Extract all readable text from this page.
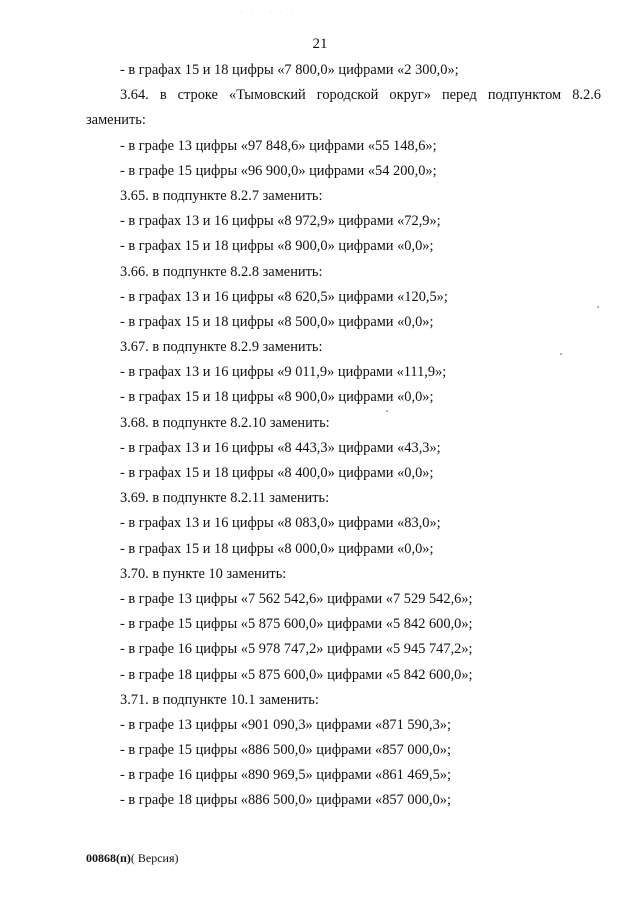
· · · · · · · ·
21
- в графах 15 и 18 цифры «7 800,0» цифрами «2 300,0»;
3.64. в строке «Тымовский городской округ» перед подпунктом 8.2.6
заменить:
- в графе 13 цифры «97 848,6» цифрами «55 148,6»;
- в графе 15 цифры «96 900,0» цифрами «54 200,0»;
3.65. в подпункте 8.2.7 заменить:
- в графах 13 и 16 цифры «8 972,9» цифрами «72,9»;
- в графах 15 и 18 цифры «8 900,0» цифрами «0,0»;
3.66. в подпункте 8.2.8 заменить:
- в графах 13 и 16 цифры «8 620,5» цифрами «120,5»;
- в графах 15 и 18 цифры «8 500,0» цифрами «0,0»;
3.67. в подпункте 8.2.9 заменить:
- в графах 13 и 16 цифры «9 011,9» цифрами «111,9»;
- в графах 15 и 18 цифры «8 900,0» цифрами «0,0»;
3.68. в подпункте 8.2.10 заменить:
- в графах 13 и 16 цифры «8 443,3» цифрами «43,3»;
- в графах 15 и 18 цифры «8 400,0» цифрами «0,0»;
3.69. в подпункте 8.2.11 заменить:
- в графах 13 и 16 цифры «8 083,0» цифрами «83,0»;
- в графах 15 и 18 цифры «8 000,0» цифрами «0,0»;
3.70. в пункте 10 заменить:
- в графе 13 цифры «7 562 542,6» цифрами «7 529 542,6»;
- в графе 15 цифры «5 875 600,0» цифрами «5 842 600,0»;
- в графе 16 цифры «5 978 747,2» цифрами «5 945 747,2»;
- в графе 18 цифры «5 875 600,0» цифрами «5 842 600,0»;
3.71. в подпункте 10.1 заменить:
- в графе 13 цифры «901 090,3» цифрами «871 590,3»;
- в графе 15 цифры «886 500,0» цифрами «857 000,0»;
- в графе 16 цифры «890 969,5» цифрами «861 469,5»;
- в графе 18 цифры «886 500,0» цифрами «857 000,0»;
00868(п)( Версия)
